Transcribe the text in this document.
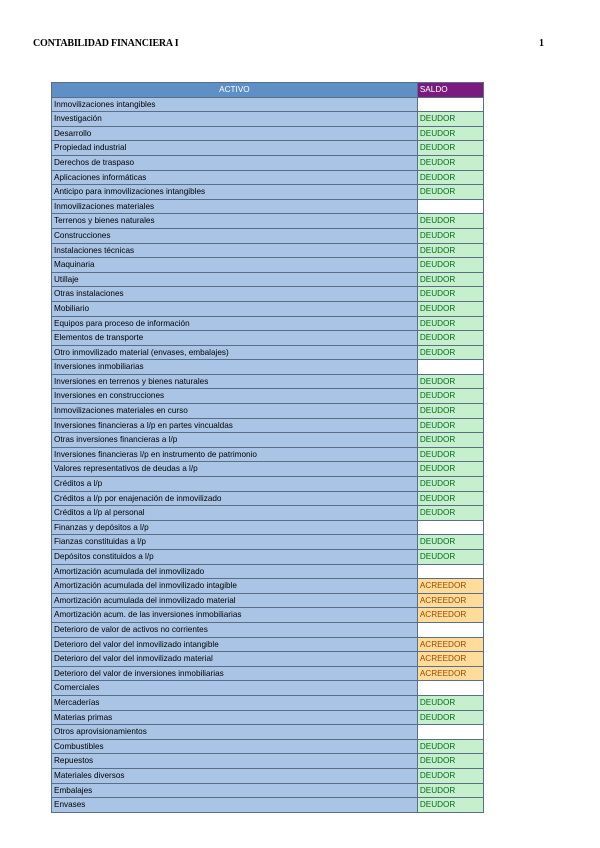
CONTABILIDAD FINANCIERA I	1
ACTIVO	SALDO
Inmovilizaciones intangibles	
Investigación	DEUDOR
Desarrollo	DEUDOR
Propiedad industrial	DEUDOR
Derechos de traspaso	DEUDOR
Aplicaciones informáticas	DEUDOR
Anticipo para inmovilizaciones intangibles	DEUDOR
Inmovilizaciones materiales	
Terrenos y bienes naturales	DEUDOR
Construcciones	DEUDOR
Instalaciones técnicas	DEUDOR
Maquinaria	DEUDOR
Utillaje	DEUDOR
Otras instalaciones	DEUDOR
Mobiliario	DEUDOR
Equipos para proceso de información	DEUDOR
Elementos de transporte	DEUDOR
Otro inmovilizado material (envases, embalajes)	DEUDOR
Inversiones inmobiliarias	
Inversiones en terrenos y bienes naturales	DEUDOR
Inversiones en construcciones	DEUDOR
Inmovilizaciones materiales en curso	DEUDOR
Inversiones financieras a l/p en partes vincualdas	DEUDOR
Otras inversiones financieras a l/p	DEUDOR
Inversiones financieras l/p en instrumento de patrimonio	DEUDOR
Valores representativos de deudas a l/p	DEUDOR
Créditos a l/p	DEUDOR
Créditos a l/p por enajenación de inmovilizado	DEUDOR
Créditos a l/p al personal	DEUDOR
Finanzas y depósitos a l/p	
Fianzas constituidas a l/p	DEUDOR
Depósitos constituidos a l/p	DEUDOR
Amortización acumulada del inmovilizado	
Amortización acumulada del inmovilizado intagible	ACREEDOR
Amortización acumulada del inmovilizado material	ACREEDOR
Amortización acum. de las inversiones inmobiliarias	ACREEDOR
Deterioro de valor de activos no corrientes	
Deterioro del valor del inmovilizado intangible	ACREEDOR
Deterioro del valor del inmovilizado material	ACREEDOR
Deterioro del valor de inversiones inmobiliarias	ACREEDOR
Comerciales	
Mercaderías	DEUDOR
Materias primas	DEUDOR
Otros aprovisionamientos	
Combustibles	DEUDOR
Repuestos	DEUDOR
Materiales diversos	DEUDOR
Embalajes	DEUDOR
Envases	DEUDOR
